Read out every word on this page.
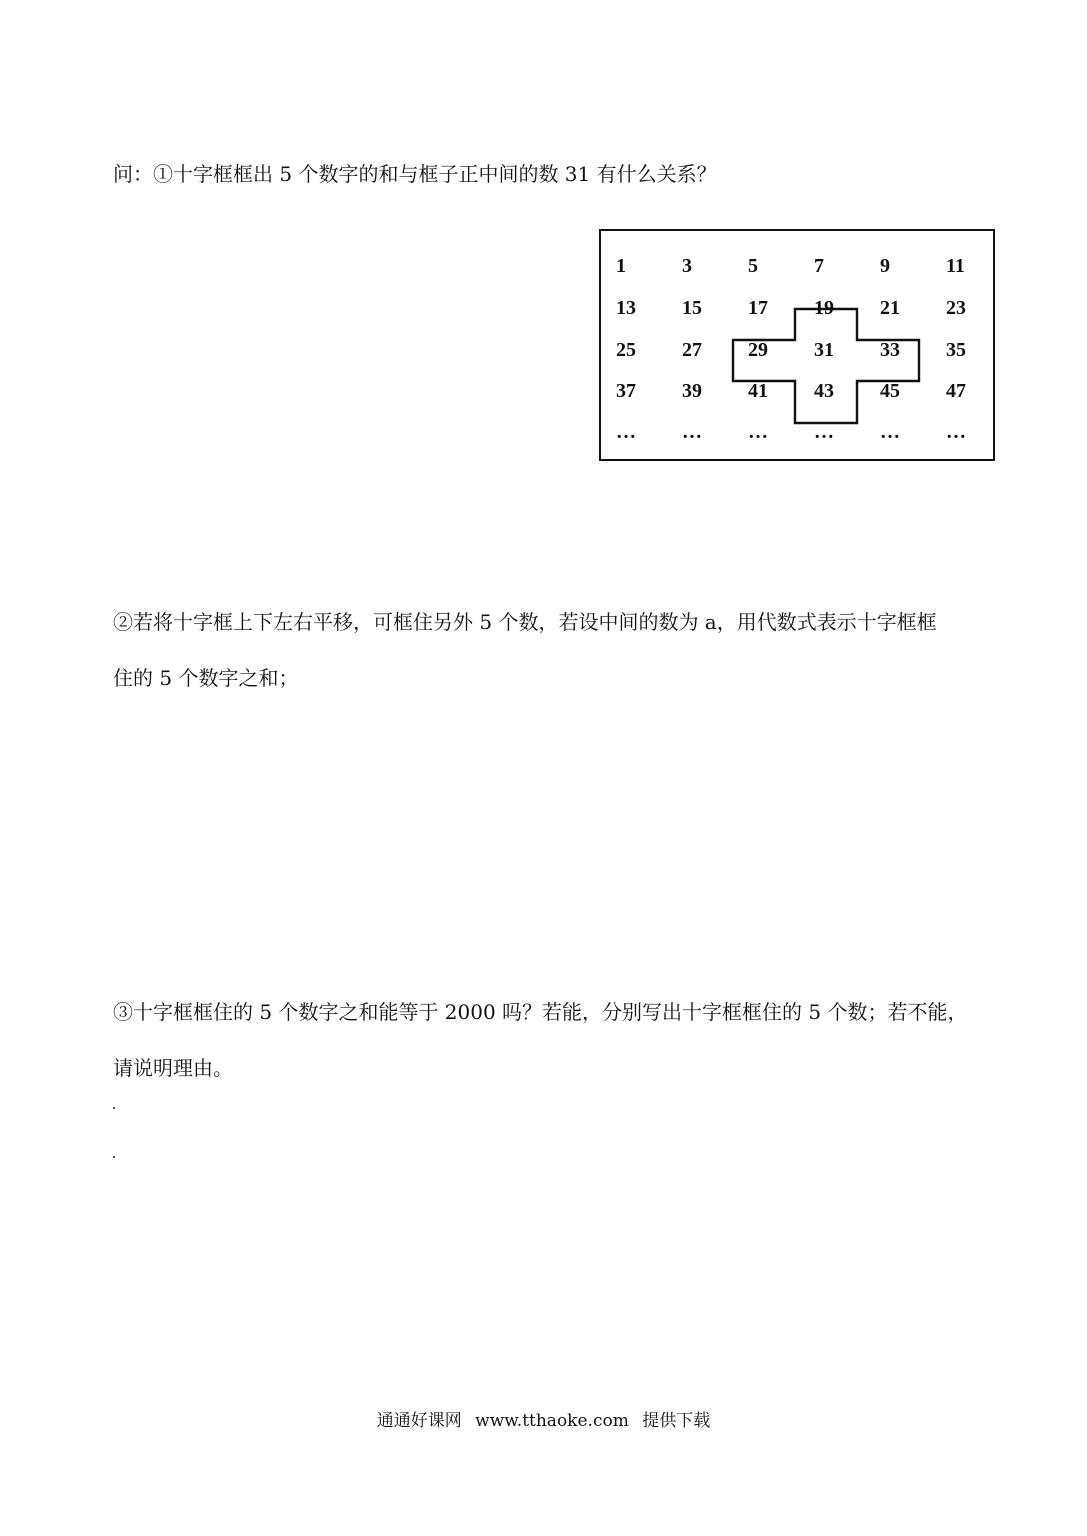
问：①十字框框出 5 个数字的和与框子正中间的数 31 有什么关系？
1	3	5	7	9	11
13 15 17 19 21 23
25 27 29 31 33 35
37 39 41 43 45 47
… … … … … …
②若将十字框上下左右平移，可框住另外 5 个数，若设中间的数为 a，用代数式表示十字框框
住的 5 个数字之和；
③十字框框住的 5 个数字之和能等于 2000 吗？若能，分别写出十字框框住的 5 个数；若不能，
请说明理由。
通通好课网 www.tthaoke.com 提供下载
